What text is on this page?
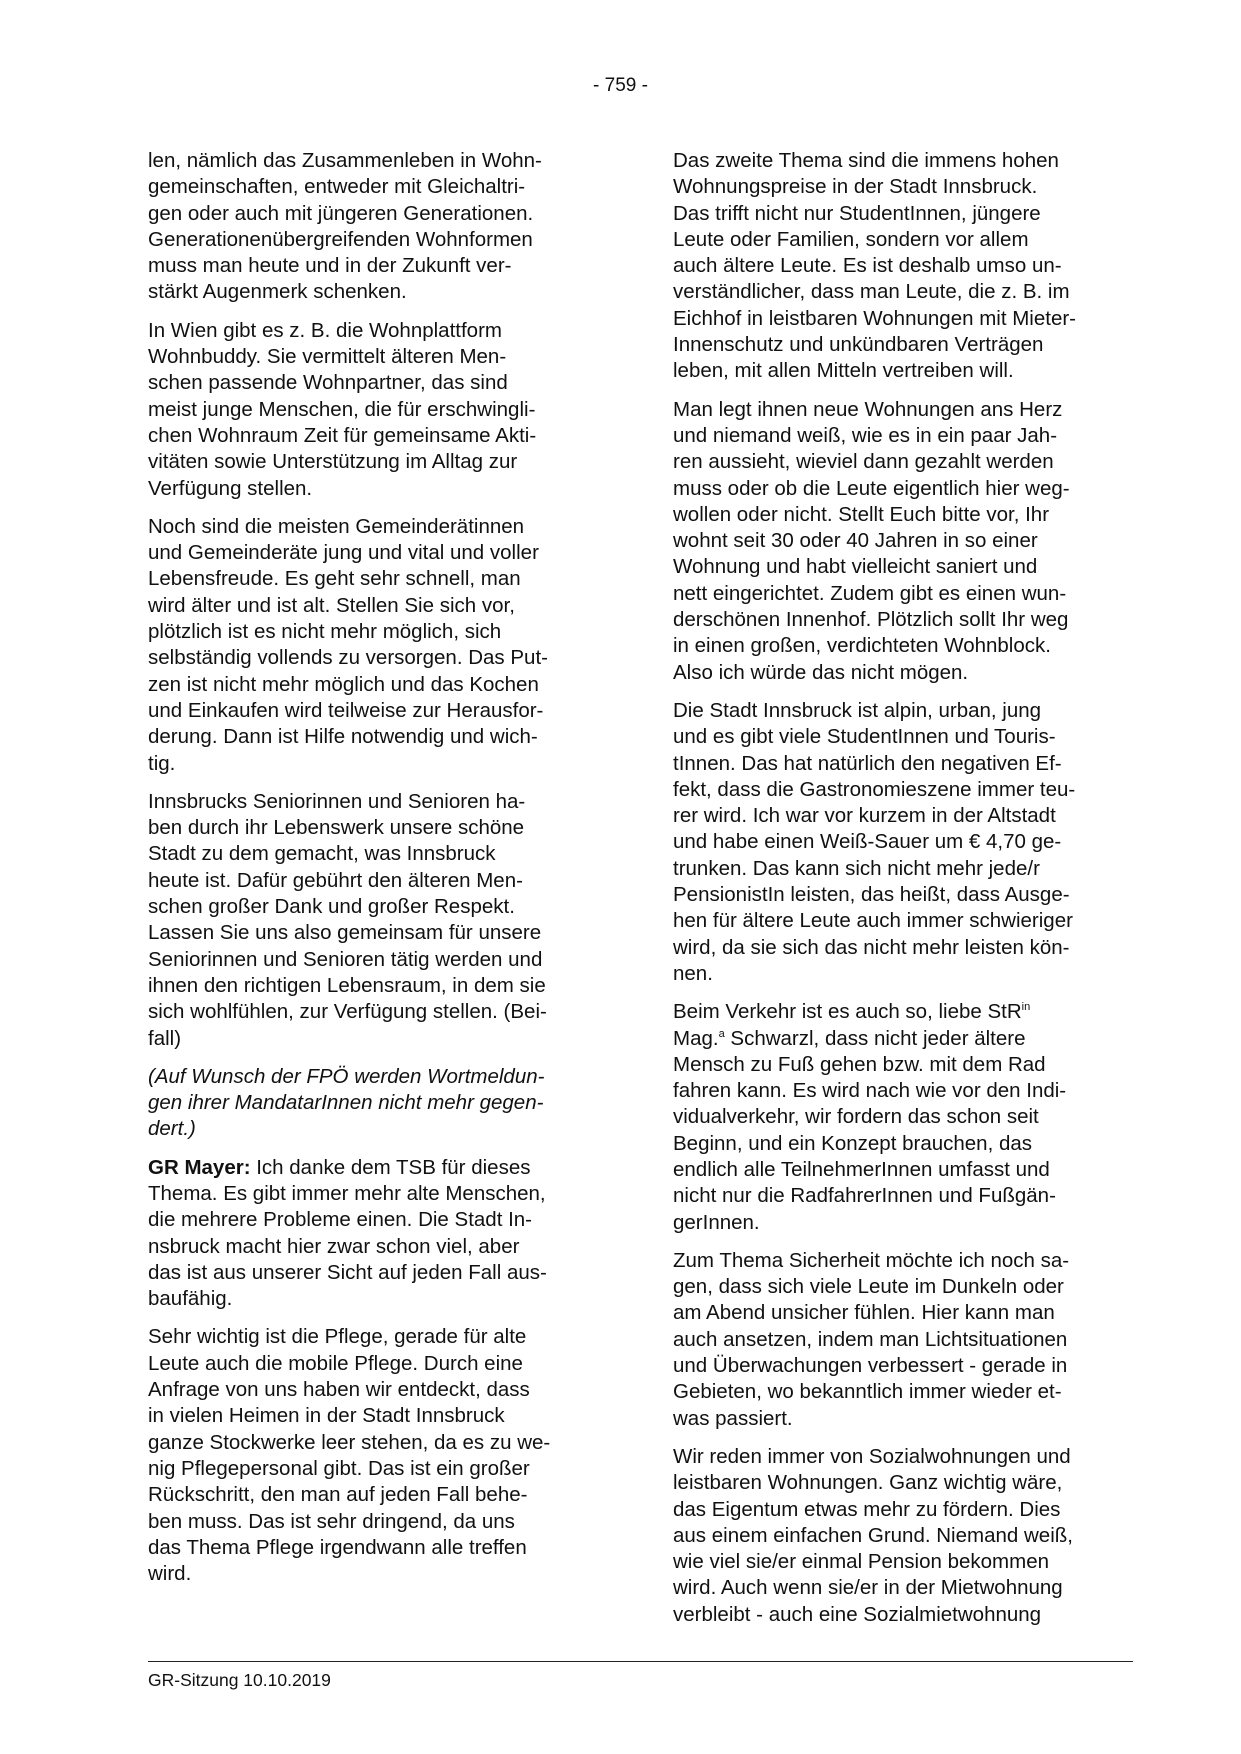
- 759 -

len, nämlich das Zusammenleben in Wohn-
gemeinschaften, entweder mit Gleichaltri-
gen oder auch mit jüngeren Generationen.
Generationenübergreifenden Wohnformen
muss man heute und in der Zukunft ver-
stärkt Augenmerk schenken.

In Wien gibt es z. B. die Wohnplattform
Wohnbuddy. Sie vermittelt älteren Men-
schen passende Wohnpartner, das sind
meist junge Menschen, die für erschwingli-
chen Wohnraum Zeit für gemeinsame Akti-
vitäten sowie Unterstützung im Alltag zur
Verfügung stellen.

Noch sind die meisten Gemeinderätinnen
und Gemeinderäte jung und vital und voller
Lebensfreude. Es geht sehr schnell, man
wird älter und ist alt. Stellen Sie sich vor,
plötzlich ist es nicht mehr möglich, sich
selbständig vollends zu versorgen. Das Put-
zen ist nicht mehr möglich und das Kochen
und Einkaufen wird teilweise zur Herausfor-
derung. Dann ist Hilfe notwendig und wich-
tig.

Innsbrucks Seniorinnen und Senioren ha-
ben durch ihr Lebenswerk unsere schöne
Stadt zu dem gemacht, was Innsbruck
heute ist. Dafür gebührt den älteren Men-
schen großer Dank und großer Respekt.
Lassen Sie uns also gemeinsam für unsere
Seniorinnen und Senioren tätig werden und
ihnen den richtigen Lebensraum, in dem sie
sich wohlfühlen, zur Verfügung stellen. (Bei-
fall)

(Auf Wunsch der FPÖ werden Wortmeldun-
gen ihrer MandatarInnen nicht mehr gegen-
dert.)

GR Mayer: Ich danke dem TSB für dieses
Thema. Es gibt immer mehr alte Menschen,
die mehrere Probleme einen. Die Stadt In-
nsbruck macht hier zwar schon viel, aber
das ist aus unserer Sicht auf jeden Fall aus-
baufähig.

Sehr wichtig ist die Pflege, gerade für alte
Leute auch die mobile Pflege. Durch eine
Anfrage von uns haben wir entdeckt, dass
in vielen Heimen in der Stadt Innsbruck
ganze Stockwerke leer stehen, da es zu we-
nig Pflegepersonal gibt. Das ist ein großer
Rückschritt, den man auf jeden Fall behe-
ben muss. Das ist sehr dringend, da uns
das Thema Pflege irgendwann alle treffen
wird.

Das zweite Thema sind die immens hohen
Wohnungspreise in der Stadt Innsbruck.
Das trifft nicht nur StudentInnen, jüngere
Leute oder Familien, sondern vor allem
auch ältere Leute. Es ist deshalb umso un-
verständlicher, dass man Leute, die z. B. im
Eichhof in leistbaren Wohnungen mit Mieter-
Innenschutz und unkündbaren Verträgen
leben, mit allen Mitteln vertreiben will.

Man legt ihnen neue Wohnungen ans Herz
und niemand weiß, wie es in ein paar Jah-
ren aussieht, wieviel dann gezahlt werden
muss oder ob die Leute eigentlich hier weg-
wollen oder nicht. Stellt Euch bitte vor, Ihr
wohnt seit 30 oder 40 Jahren in so einer
Wohnung und habt vielleicht saniert und
nett eingerichtet. Zudem gibt es einen wun-
derschönen Innenhof. Plötzlich sollt Ihr weg
in einen großen, verdichteten Wohnblock.
Also ich würde das nicht mögen.

Die Stadt Innsbruck ist alpin, urban, jung
und es gibt viele StudentInnen und Touris-
tInnen. Das hat natürlich den negativen Ef-
fekt, dass die Gastronomieszene immer teu-
rer wird. Ich war vor kurzem in der Altstadt
und habe einen Weiß-Sauer um € 4,70 ge-
trunken. Das kann sich nicht mehr jede/r
PensionistIn leisten, das heißt, dass Ausge-
hen für ältere Leute auch immer schwieriger
wird, da sie sich das nicht mehr leisten kön-
nen.

Beim Verkehr ist es auch so, liebe StR$^{in}$
Mag.$^a$ Schwarzl, dass nicht jeder ältere
Mensch zu Fuß gehen bzw. mit dem Rad
fahren kann. Es wird nach wie vor den Indi-
vidualverkehr, wir fordern das schon seit
Beginn, und ein Konzept brauchen, das
endlich alle TeilnehmerInnen umfasst und
nicht nur die RadfahrerInnen und Fußgän-
gerInnen.

Zum Thema Sicherheit möchte ich noch sa-
gen, dass sich viele Leute im Dunkeln oder
am Abend unsicher fühlen. Hier kann man
auch ansetzen, indem man Lichtsituationen
und Überwachungen verbessert - gerade in
Gebieten, wo bekanntlich immer wieder et-
was passiert.

Wir reden immer von Sozialwohnungen und
leistbaren Wohnungen. Ganz wichtig wäre,
das Eigentum etwas mehr zu fördern. Dies
aus einem einfachen Grund. Niemand weiß,
wie viel sie/er einmal Pension bekommen
wird. Auch wenn sie/er in der Mietwohnung
verbleibt - auch eine Sozialmietwohnung

GR-Sitzung 10.10.2019
